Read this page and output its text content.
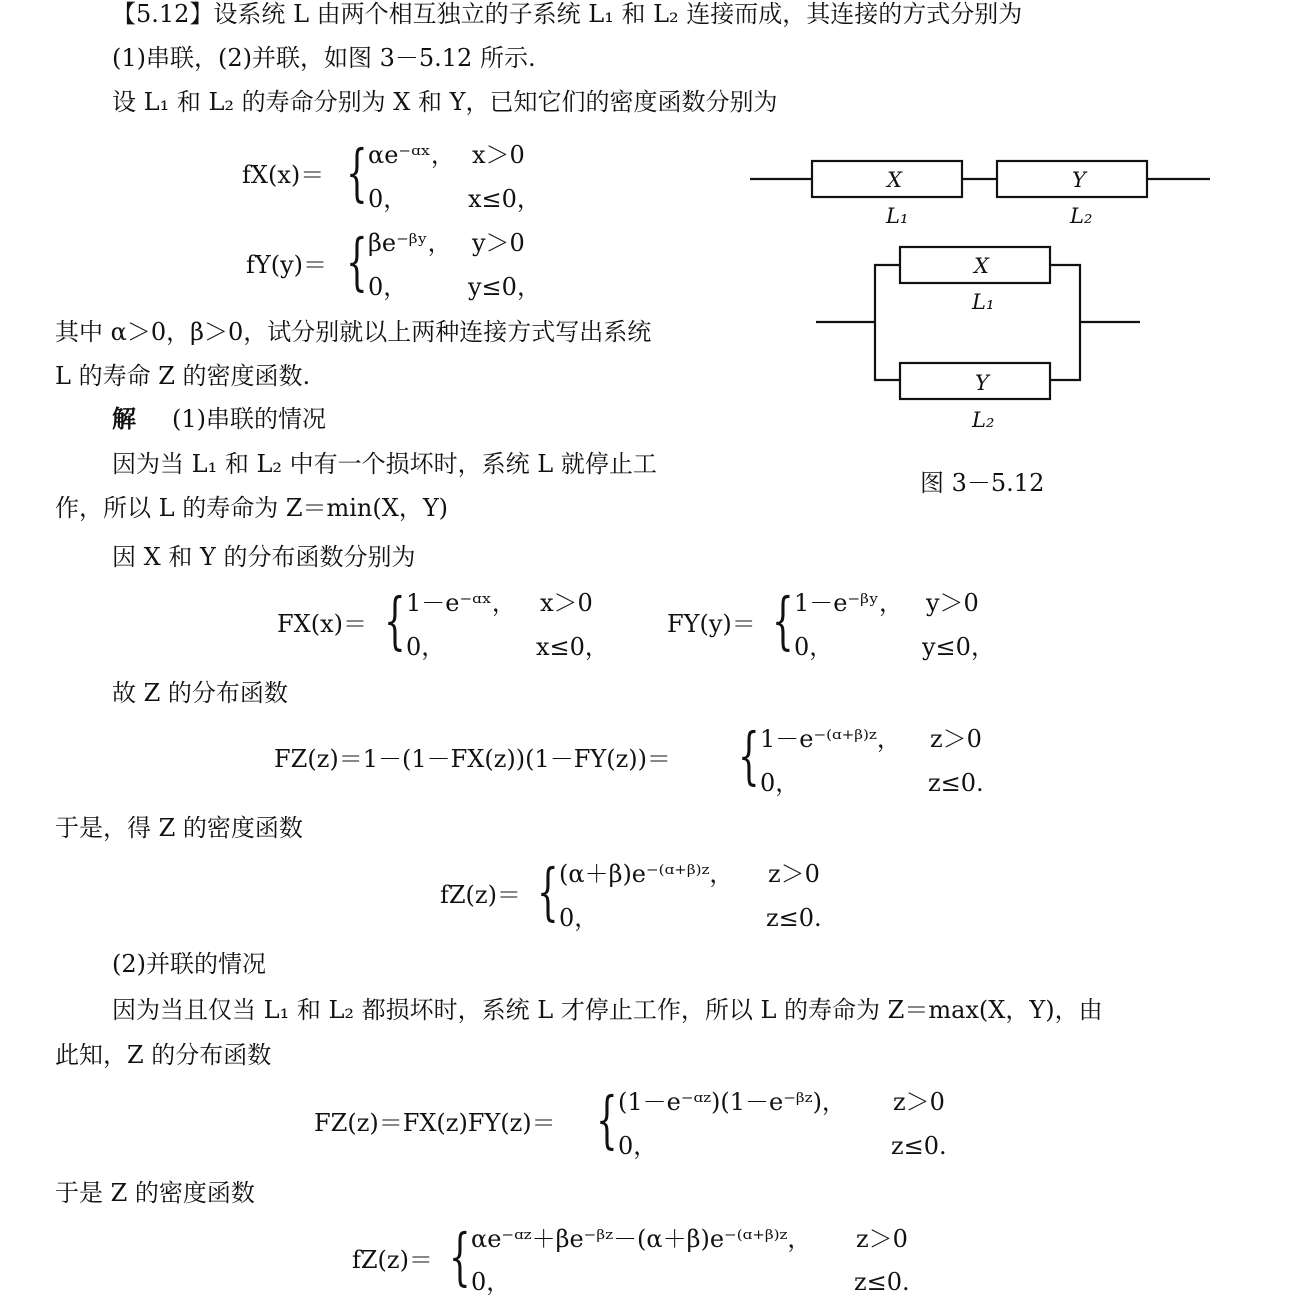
【5.12】设系统 L 由两个相互独立的子系统 L₁ 和 L₂ 连接而成，其连接的方式分别为
(1)串联，(2)并联，如图 3－5.12 所示.
设 L₁ 和 L₂ 的寿命分别为 X 和 Y，已知它们的密度函数分别为
fX(x)＝ { αe⁻ᵅˣ， x＞0
0，	x≤0，
fY(y)＝ { βe⁻ᵝʸ， y＞0
0，	y≤0，
其中 α＞0，β＞0，试分别就以上两种连接方式写出系统
L 的寿命 Z 的密度函数.
X	Y
L₁	L₂
X
L₁
Y
L₂
图 3－5.12
解 (1)串联的情况
因为当 L₁ 和 L₂ 中有一个损坏时，系统 L 就停止工
作，所以 L 的寿命为 Z＝min(X，Y)
因 X 和 Y 的分布函数分别为
FX(x)＝ { 1－e⁻ᵅˣ， x＞0
0，	x≤0，
FY(y)＝ { 1－e⁻ᵝʸ， y＞0
0，	y≤0，
故 Z 的分布函数
FZ(z)＝1－(1－FX(z))(1－FY(z))＝ { 1－e⁻⁽ᵅ⁺ᵝ⁾ᶻ， z＞0
0，	z≤0.
于是，得 Z 的密度函数
fZ(z)＝ { (α＋β)e⁻⁽ᵅ⁺ᵝ⁾ᶻ， z＞0
0，	z≤0.
(2)并联的情况
因为当且仅当 L₁ 和 L₂ 都损坏时，系统 L 才停止工作，所以 L 的寿命为 Z＝max(X，Y)，由
此知，Z 的分布函数
FZ(z)＝FX(z)FY(z)＝ { (1－e⁻ᵅᶻ)(1－e⁻ᵝᶻ)， z＞0
0，	z≤0.
于是 Z 的密度函数
fZ(z)＝ { αe⁻ᵅᶻ＋βe⁻ᵝᶻ－(α＋β)e⁻⁽ᵅ⁺ᵝ⁾ᶻ， z＞0
0，	z≤0.
